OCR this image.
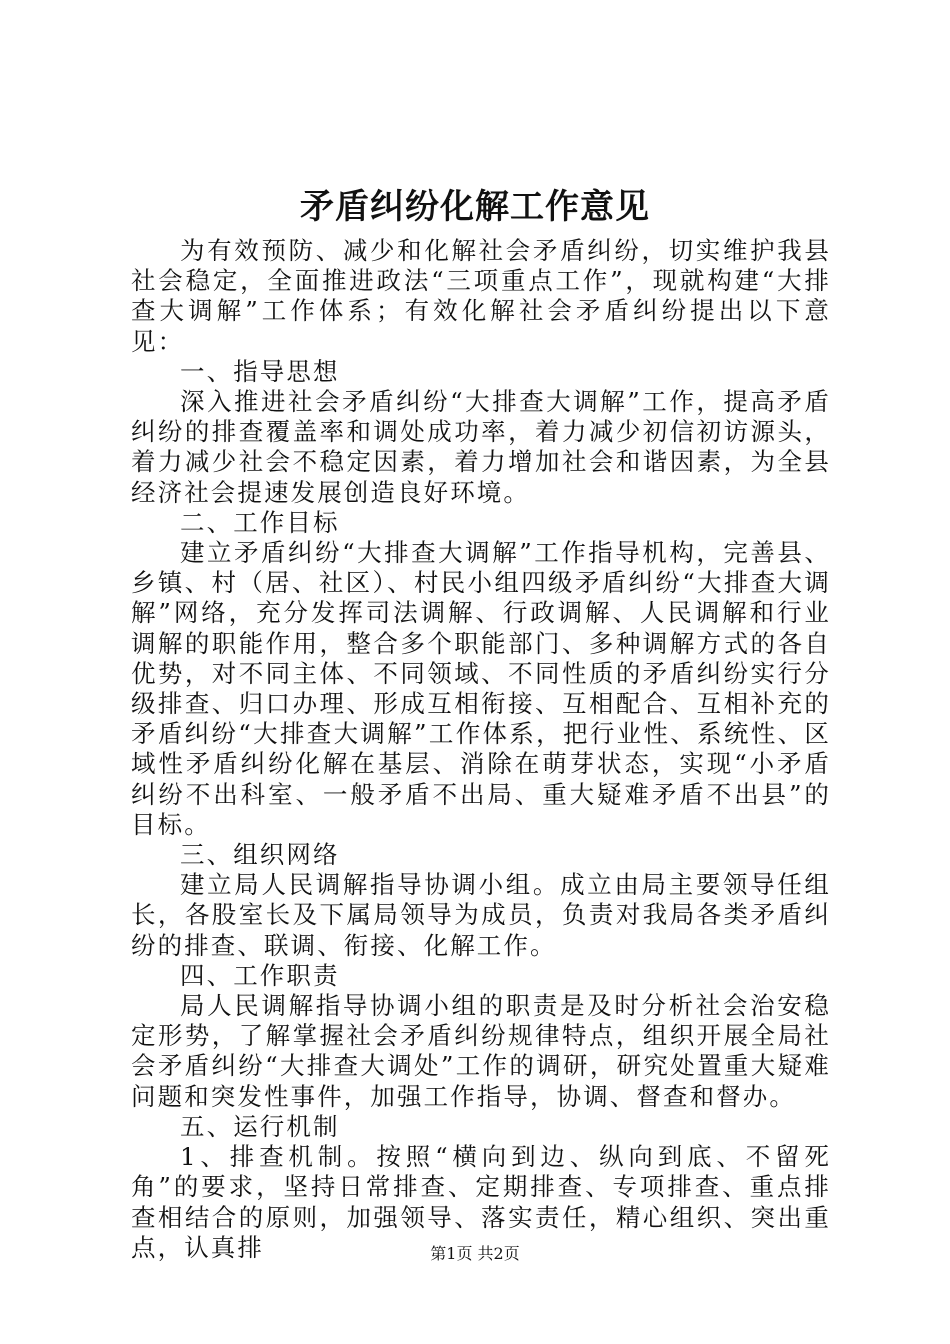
矛盾纠纷化解工作意见

为有效预防、减少和化解社会矛盾纠纷，切实维护我县社会稳定，全面推进政法“三项重点工作”，现就构建“大排查大调解”工作体系；有效化解社会矛盾纠纷提出以下意见：

一、指导思想

深入推进社会矛盾纠纷“大排查大调解”工作，提高矛盾纠纷的排查覆盖率和调处成功率，着力减少初信初访源头，着力减少社会不稳定因素，着力增加社会和谐因素，为全县经济社会提速发展创造良好环境。

二、工作目标

建立矛盾纠纷“大排查大调解”工作指导机构，完善县、乡镇、村（居、社区）、村民小组四级矛盾纠纷“大排查大调解”网络，充分发挥司法调解、行政调解、人民调解和行业调解的职能作用，整合多个职能部门、多种调解方式的各自优势，对不同主体、不同领域、不同性质的矛盾纠纷实行分级排查、归口办理、形成互相衔接、互相配合、互相补充的矛盾纠纷“大排查大调解”工作体系，把行业性、系统性、区域性矛盾纠纷化解在基层、消除在萌芽状态，实现“小矛盾纠纷不出科室、一般矛盾不出局、重大疑难矛盾不出县”的目标。

三、组织网络

建立局人民调解指导协调小组。成立由局主要领导任组长，各股室长及下属局领导为成员，负责对我局各类矛盾纠纷的排查、联调、衔接、化解工作。

四、工作职责

局人民调解指导协调小组的职责是及时分析社会治安稳定形势，了解掌握社会矛盾纠纷规律特点，组织开展全局社会矛盾纠纷“大排查大调处”工作的调研，研究处置重大疑难问题和突发性事件，加强工作指导，协调、督查和督办。

五、运行机制

1、排查机制。按照“横向到边、纵向到底、不留死角”的要求，坚持日常排查、定期排查、专项排查、重点排查相结合的原则，加强领导、落实责任，精心组织、突出重点，认真排	第1页 共2页
